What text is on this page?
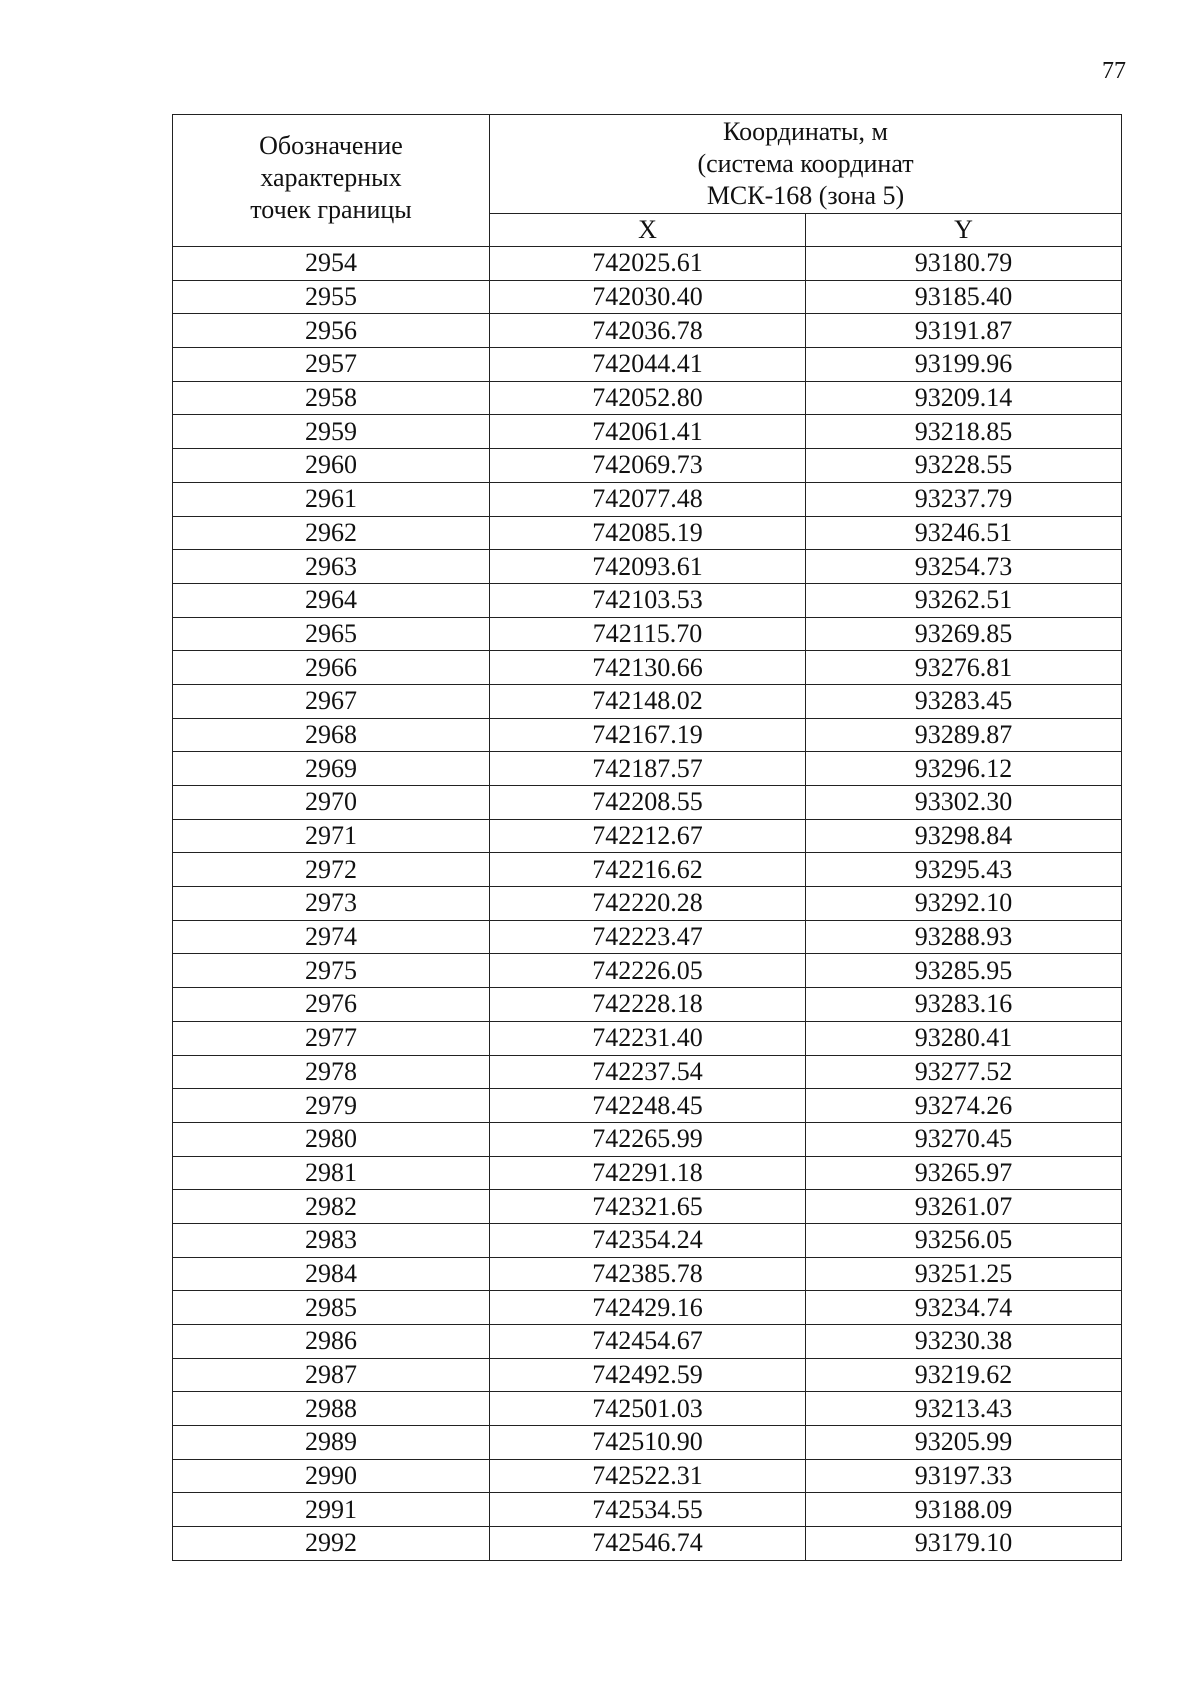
77
Обозначение
характерных
точек границы	Координаты, м
(система координат
МСК-168 (зона 5)	

	X	Y
2954	742025.61	93180.79
2955	742030.40	93185.40
2956	742036.78	93191.87
2957	742044.41	93199.96
2958	742052.80	93209.14
2959	742061.41	93218.85
2960	742069.73	93228.55
2961	742077.48	93237.79
2962	742085.19	93246.51
2963	742093.61	93254.73
2964	742103.53	93262.51
2965	742115.70	93269.85
2966	742130.66	93276.81
2967	742148.02	93283.45
2968	742167.19	93289.87
2969	742187.57	93296.12
2970	742208.55	93302.30
2971	742212.67	93298.84
2972	742216.62	93295.43
2973	742220.28	93292.10
2974	742223.47	93288.93
2975	742226.05	93285.95
2976	742228.18	93283.16
2977	742231.40	93280.41
2978	742237.54	93277.52
2979	742248.45	93274.26
2980	742265.99	93270.45
2981	742291.18	93265.97
2982	742321.65	93261.07
2983	742354.24	93256.05
2984	742385.78	93251.25
2985	742429.16	93234.74
2986	742454.67	93230.38
2987	742492.59	93219.62
2988	742501.03	93213.43
2989	742510.90	93205.99
2990	742522.31	93197.33
2991	742534.55	93188.09
2992	742546.74	93179.10
